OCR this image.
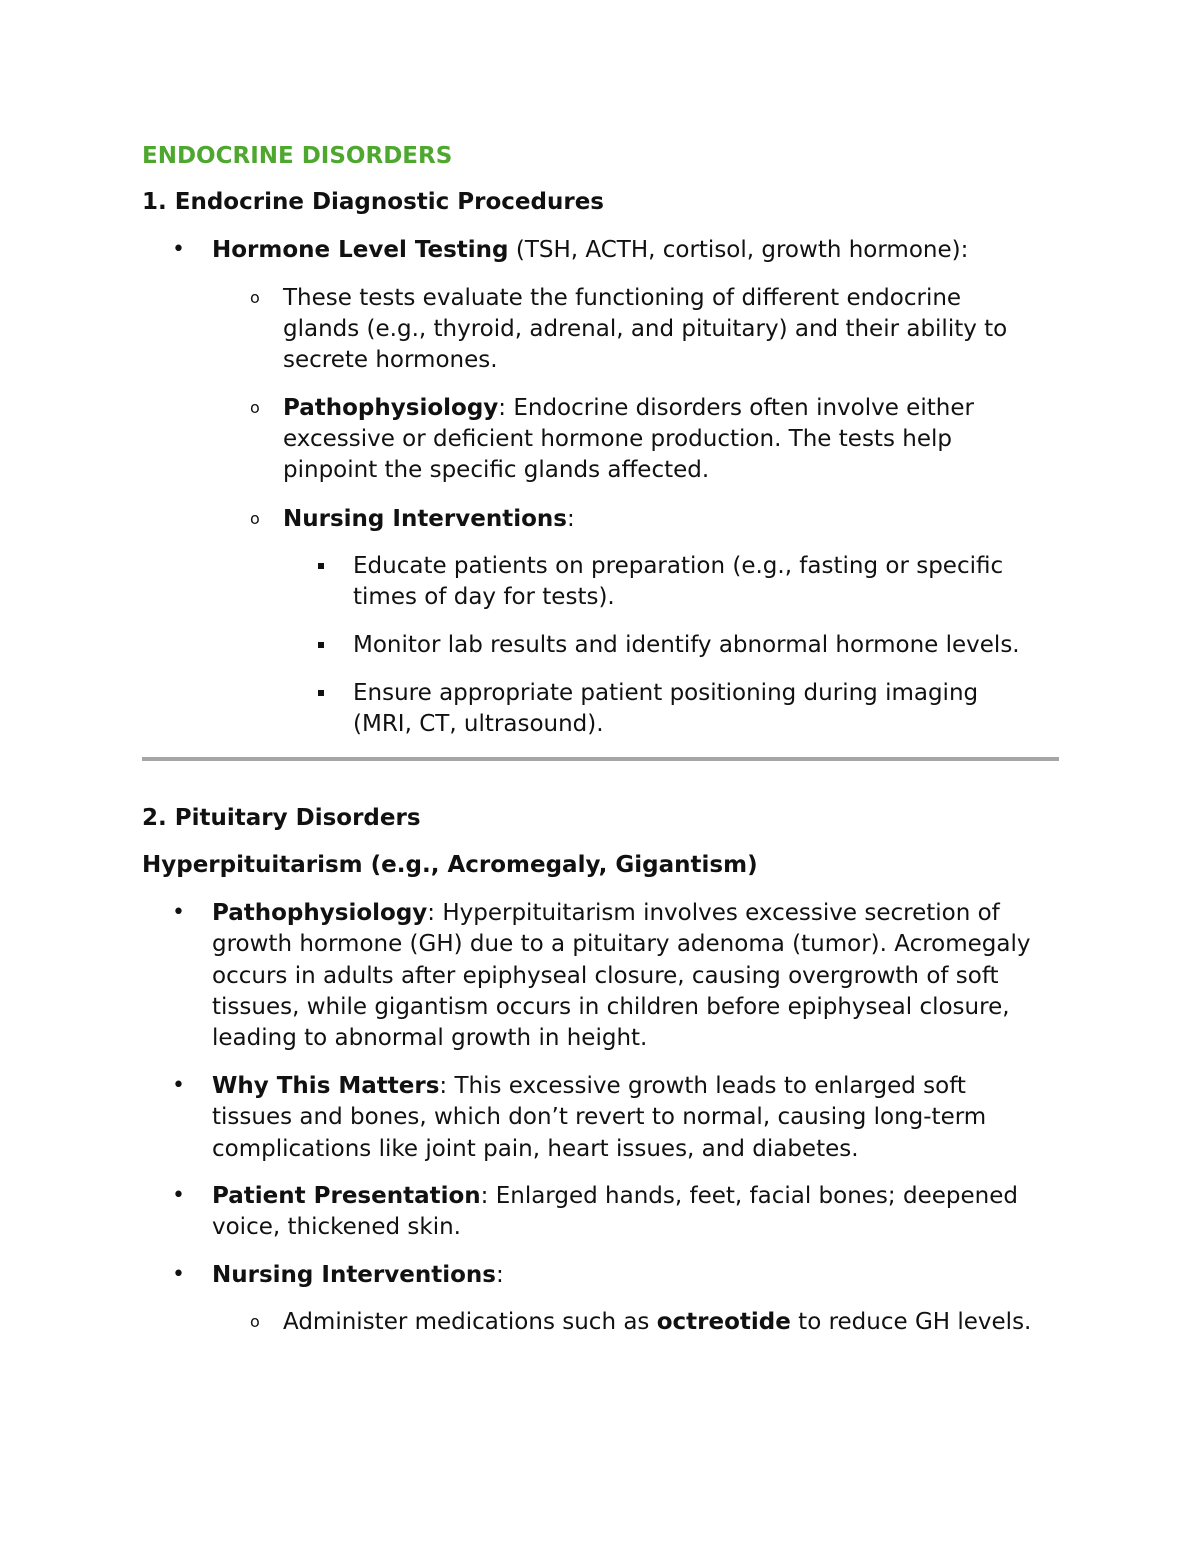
ENDOCRINE DISORDERS
1. Endocrine Diagnostic Procedures
• Hormone Level Testing (TSH, ACTH, cortisol, growth hormone):
o These tests evaluate the functioning of different endocrine
glands (e.g., thyroid, adrenal, and pituitary) and their ability to
secrete hormones.
o Pathophysiology: Endocrine disorders often involve either
excessive or deficient hormone production. The tests help
pinpoint the specific glands affected.
o Nursing Interventions:
Educate patients on preparation (e.g., fasting or specific
times of day for tests).
Monitor lab results and identify abnormal hormone levels.
Ensure appropriate patient positioning during imaging
(MRI, CT, ultrasound).
2. Pituitary Disorders
Hyperpituitarism (e.g., Acromegaly, Gigantism)
• Pathophysiology: Hyperpituitarism involves excessive secretion of
growth hormone (GH) due to a pituitary adenoma (tumor). Acromegaly
occurs in adults after epiphyseal closure, causing overgrowth of soft
tissues, while gigantism occurs in children before epiphyseal closure,
leading to abnormal growth in height.
• Why This Matters: This excessive growth leads to enlarged soft
tissues and bones, which don’t revert to normal, causing long-term
complications like joint pain, heart issues, and diabetes.
• Patient Presentation: Enlarged hands, feet, facial bones; deepened
voice, thickened skin.
• Nursing Interventions:
o Administer medications such as octreotide to reduce GH levels.
